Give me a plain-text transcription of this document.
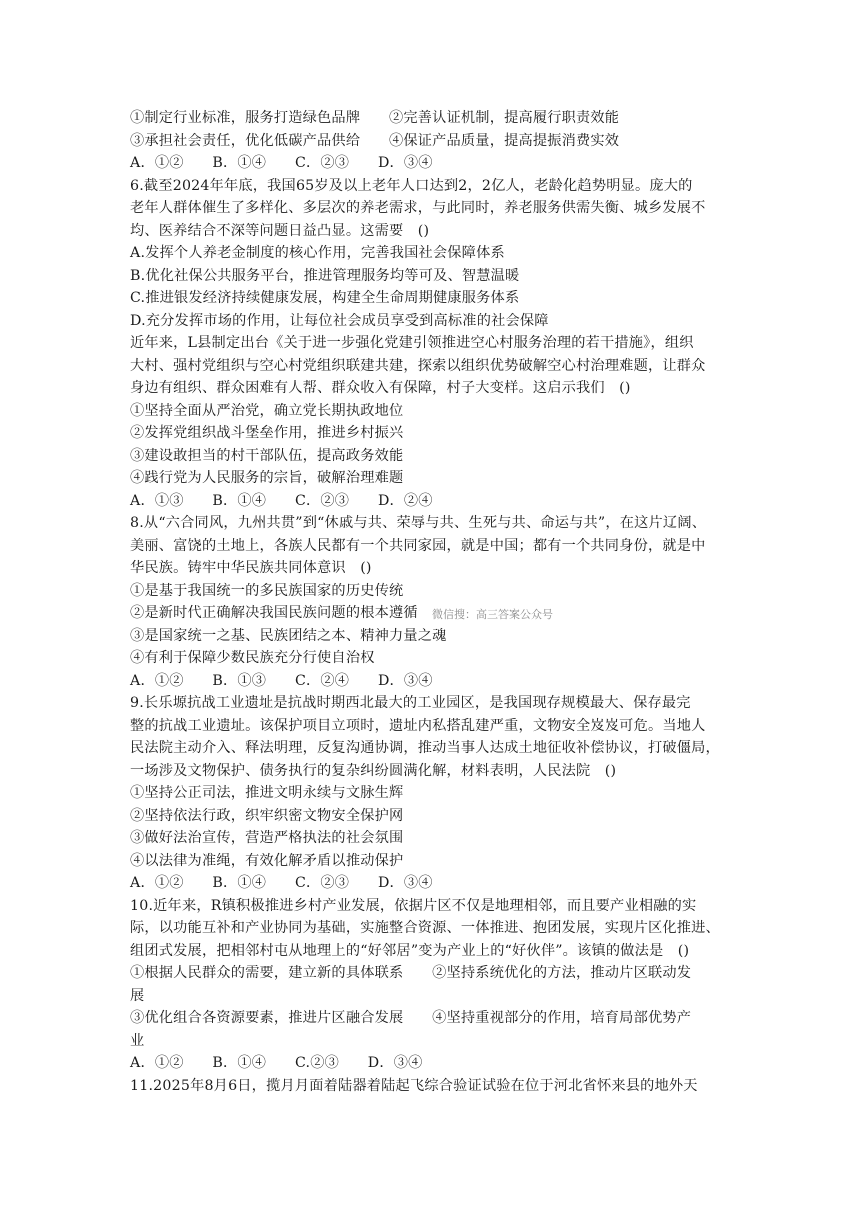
①制定行业标准，服务打造绿色品牌　　②完善认证机制，提高履行职责效能
③承担社会责任，优化低碳产品供给　　④保证产品质量，提高提振消费实效
A．①②　　B．①④　　C．②③　　D．③④
6.截至2024年年底，我国65岁及以上老年人口达到2，2亿人，老龄化趋势明显。庞大的
老年人群体催生了多样化、多层次的养老需求，与此同时，养老服务供需失衡、城乡发展不
均、医养结合不深等问题日益凸显。这需要　()
A.发挥个人养老金制度的核心作用，完善我国社会保障体系
B.优化社保公共服务平台，推进管理服务均等可及、智慧温暖
C.推进银发经济持续健康发展，构建全生命周期健康服务体系
D.充分发挥市场的作用，让每位社会成员享受到高标准的社会保障
近年来，L县制定出台《关于进一步强化党建引领推进空心村服务治理的若干措施》，组织
大村、强村党组织与空心村党组织联建共建，探索以组织优势破解空心村治理难题，让群众
身边有组织、群众困难有人帮、群众收入有保障，村子大变样。这启示我们　()
①坚持全面从严治党，确立党长期执政地位
②发挥党组织战斗堡垒作用，推进乡村振兴
③建设敢担当的村干部队伍，提高政务效能
④践行党为人民服务的宗旨，破解治理难题
A．①③　　B．①④　　C．②③　　D．②④
8.从“六合同风，九州共贯”到“休戚与共、荣辱与共、生死与共、命运与共”，在这片辽阔、
美丽、富饶的土地上，各族人民都有一个共同家园，就是中国；都有一个共同身份，就是中
华民族。铸牢中华民族共同体意识　()
①是基于我国统一的多民族国家的历史传统
②是新时代正确解决我国民族问题的根本遵循
③是国家统一之基、民族团结之本、精神力量之魂
④有利于保障少数民族充分行使自治权
A．①②　　B．①③　　C．②④　　D．③④
9.长乐塬抗战工业遗址是抗战时期西北最大的工业园区，是我国现存规模最大、保存最完
整的抗战工业遗址。该保护项目立项时，遗址内私搭乱建严重，文物安全岌岌可危。当地人
民法院主动介入、释法明理，反复沟通协调，推动当事人达成土地征收补偿协议，打破僵局，
一场涉及文物保护、债务执行的复杂纠纷圆满化解，材料表明，人民法院　()
①坚持公正司法，推进文明永续与文脉生辉
②坚持依法行政，织牢织密文物安全保护网
③做好法治宣传，营造严格执法的社会氛围
④以法律为准绳，有效化解矛盾以推动保护
A．①②　　B．①④　　C．②③　　D．③④
10.近年来，R镇积极推进乡村产业发展，依据片区不仅是地理相邻，而且要产业相融的实
际，以功能互补和产业协同为基础，实施整合资源、一体推进、抱团发展，实现片区化推进、
组团式发展，把相邻村屯从地理上的“好邻居”变为产业上的“好伙伴”。该镇的做法是　()
①根据人民群众的需要，建立新的具体联系　　②坚持系统优化的方法，推动片区联动发
展
③优化组合各资源要素，推进片区融合发展　　④坚持重视部分的作用，培育局部优势产
业
A．①②　　B．①④　　C.②③　　D．③④
11.2025年8月6日，揽月月面着陆器着陆起飞综合验证试验在位于河北省怀来县的地外天
微信搜：高三答案公众号
